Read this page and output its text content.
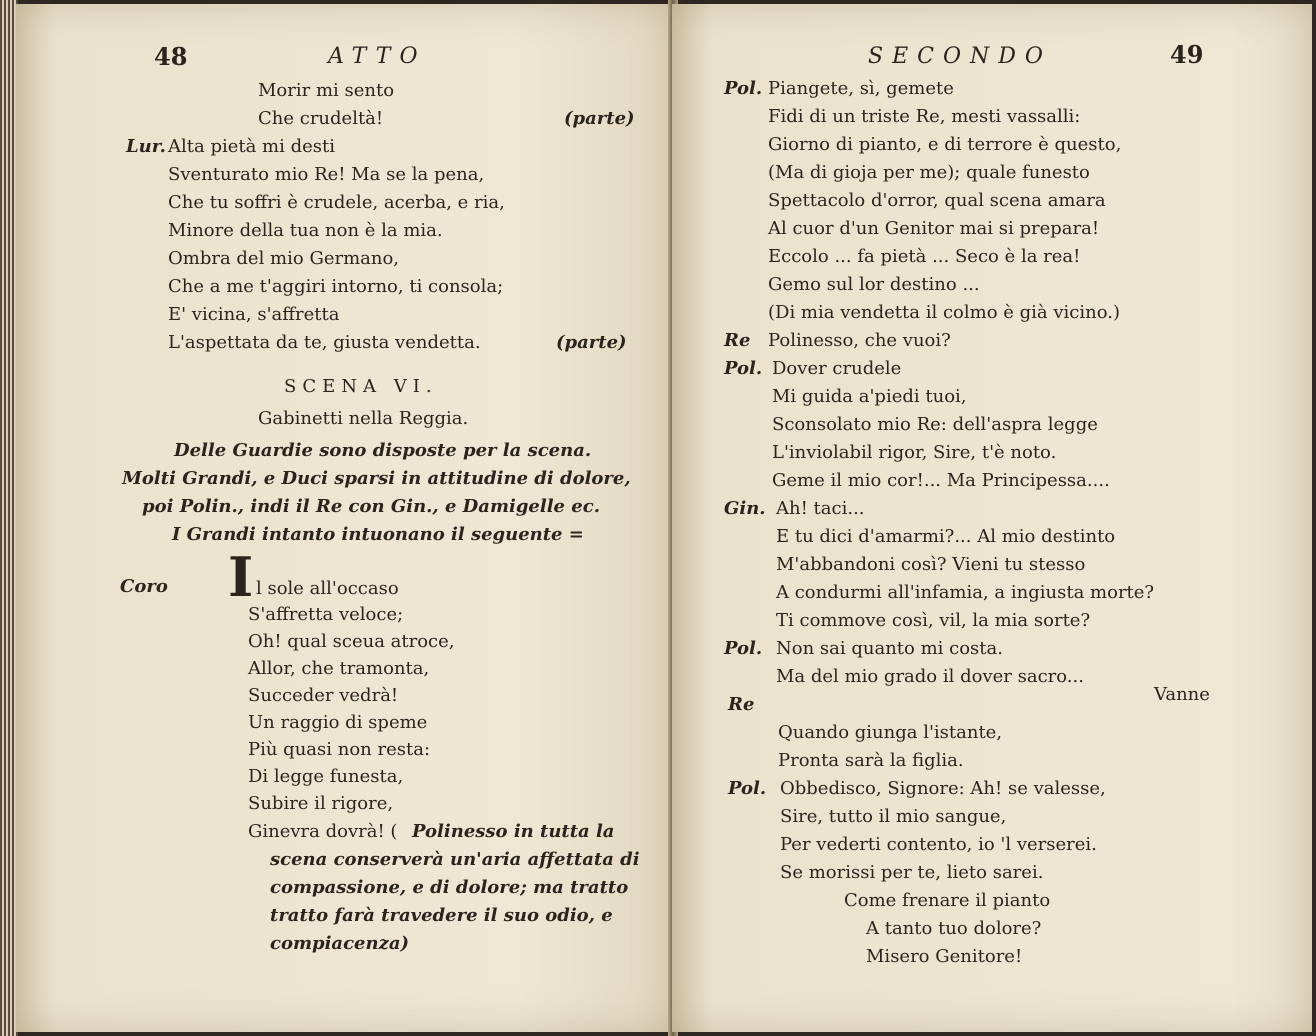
48	ATTO
Morir mi sento
Che crudeltà!	(parte)
Lur. Alta pietà mi desti
Sventurato mio Re! Ma se la pena,
Che tu soffri è crudele, acerba, e ria,
Minore della tua non è la mia.
Ombra del mio Germano,
Che a me t'aggiri intorno, ti consola;
E' vicina, s'affretta
L'aspettata da te, giusta vendetta.	(parte)
SCENA VI.
Gabinetti nella Reggia.
Delle Guardie sono disposte per la scena.
Molti Grandi, e Duci sparsi in attitudine di dolore,
poi Polin., indi il Re con Gin., e Damigelle ec.
I Grandi intanto intuonano il seguente =
Coro I l sole all'occaso
S'affretta veloce;
Oh! qual sceua atroce,
Allor, che tramonta,
Succeder vedrà!
Un raggio di speme
Più quasi non resta:
Di legge funesta,
Subire il rigore,
Ginevra dovrà! ( Polinesso in tutta la
scena conserverà un'aria affettata di
compassione, e di dolore; ma tratto
tratto farà travedere il suo odio, e
compiacenza)
SECONDO	49
Pol. Piangete, sì, gemete
Fidi di un triste Re, mesti vassalli:
Giorno di pianto, e di terrore è questo,
(Ma di gioja per me); quale funesto
Spettacolo d'orror, qual scena amara
Al cuor d'un Genitor mai si prepara!
Eccolo ... fa pietà ... Seco è la rea!
Gemo sul lor destino ...
(Di mia vendetta il colmo è già vicino.)
Re Polinesso, che vuoi?
Pol. Dover crudele
Mi guida a'piedi tuoi,
Sconsolato mio Re: dell'aspra legge
L'inviolabil rigor, Sire, t'è noto.
Geme il mio cor!... Ma Principessa....
Gin. Ah! taci...
E tu dici d'amarmi?... Al mio destinto
M'abbandoni così? Vieni tu stesso
A condurmi all'infamia, a ingiusta morte?
Ti commove così, vil, la mia sorte?
Pol. Non sai quanto mi costa.
Ma del mio grado il dover sacro...
Re	Vanne
Quando giunga l'istante,
Pronta sarà la figlia.
Pol. Obbedisco, Signore: Ah! se valesse,
Sire, tutto il mio sangue,
Per vederti contento, io 'l verserei.
Se morissi per te, lieto sarei.
Come frenare il pianto
A tanto tuo dolore?
Misero Genitore!
